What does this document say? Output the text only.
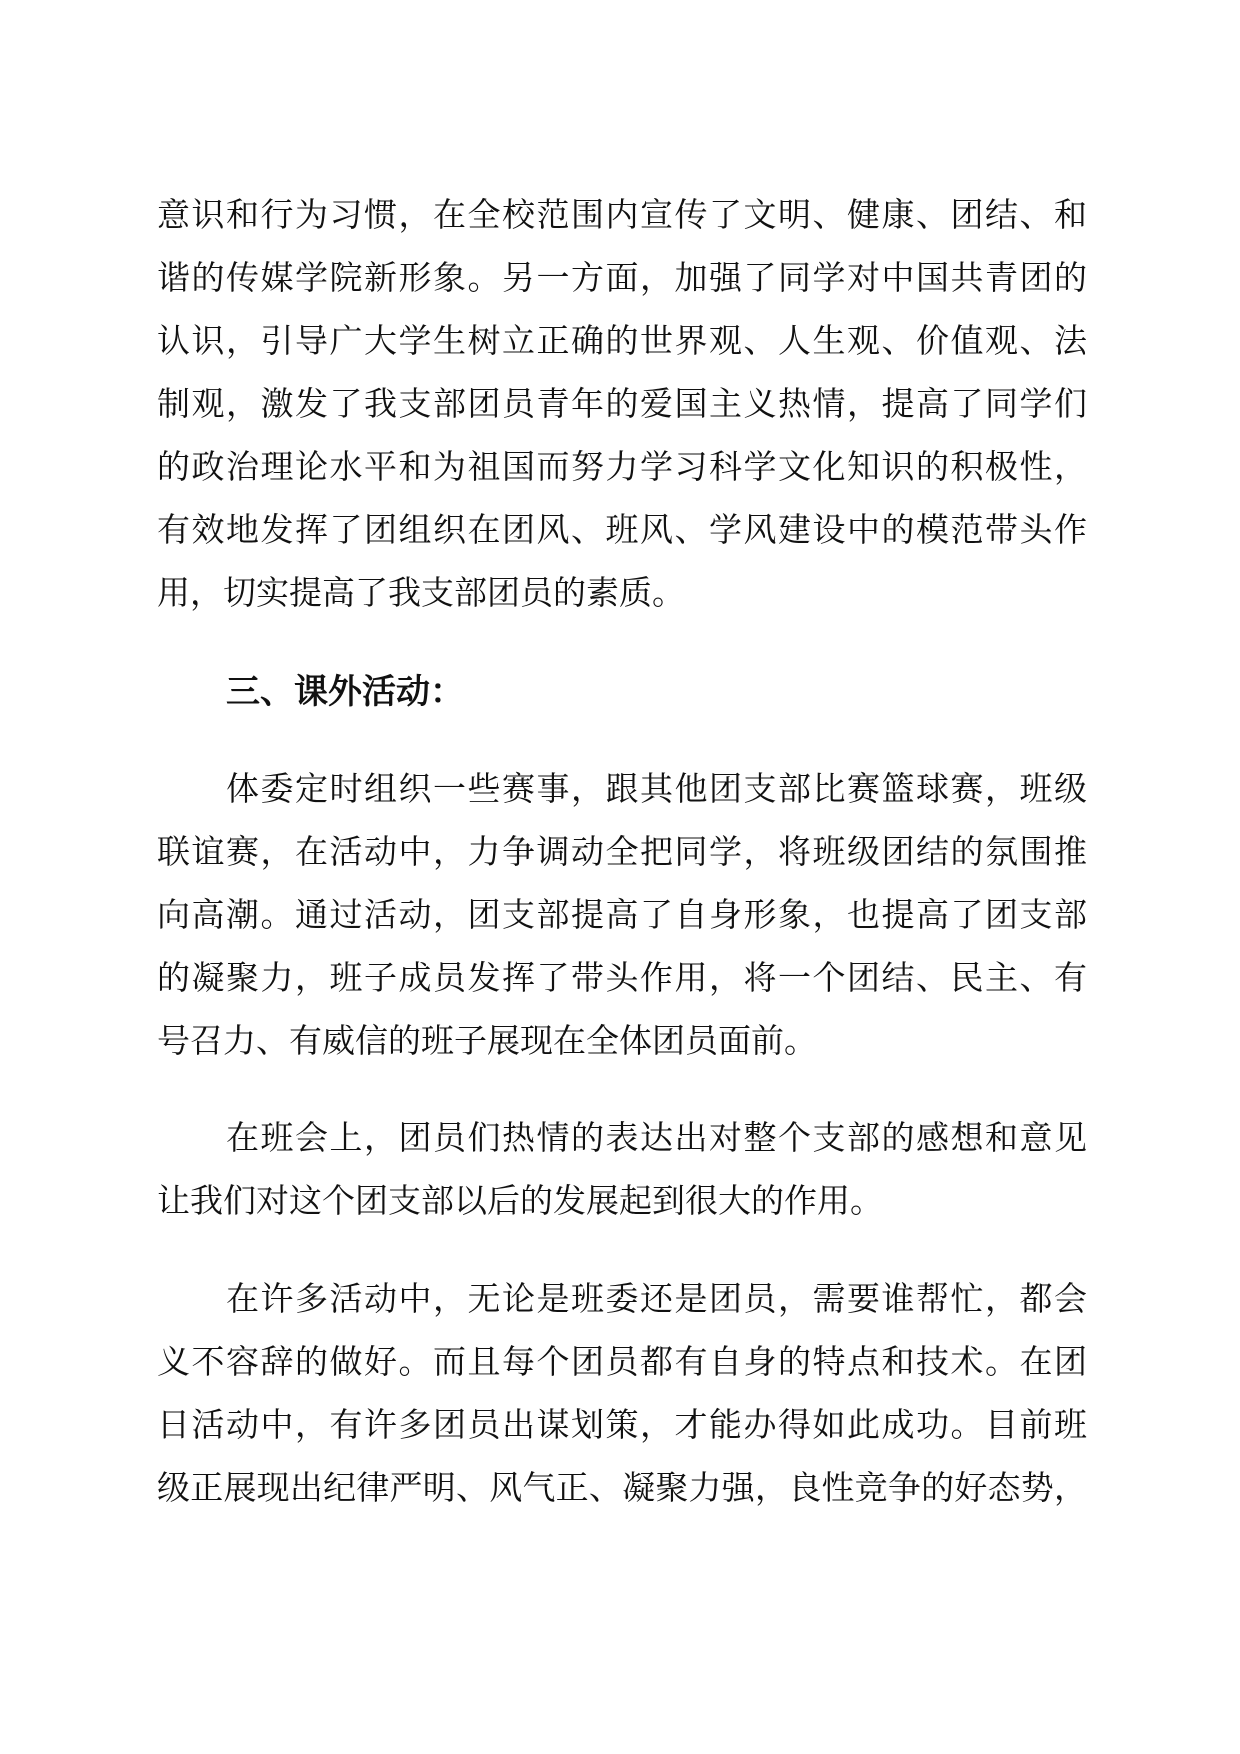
意识和行为习惯，在全校范围内宣传了文明、健康、团结、和
谐的传媒学院新形象。另一方面，加强了同学对中国共青团的
认识，引导广大学生树立正确的世界观、人生观、价值观、法
制观，激发了我支部团员青年的爱国主义热情，提高了同学们
的政治理论水平和为祖国而努力学习科学文化知识的积极性，
有效地发挥了团组织在团风、班风、学风建设中的模范带头作
用，切实提高了我支部团员的素质。
三、课外活动：
体委定时组织一些赛事，跟其他团支部比赛篮球赛，班级
联谊赛，在活动中，力争调动全把同学，将班级团结的氛围推
向高潮。通过活动，团支部提高了自身形象，也提高了团支部
的凝聚力，班子成员发挥了带头作用，将一个团结、民主、有
号召力、有威信的班子展现在全体团员面前。
在班会上，团员们热情的表达出对整个支部的感想和意见
让我们对这个团支部以后的发展起到很大的作用。
在许多活动中，无论是班委还是团员，需要谁帮忙，都会
义不容辞的做好。而且每个团员都有自身的特点和技术。在团
日活动中，有许多团员出谋划策，才能办得如此成功。目前班
级正展现出纪律严明、风气正、凝聚力强，良性竞争的好态势，
